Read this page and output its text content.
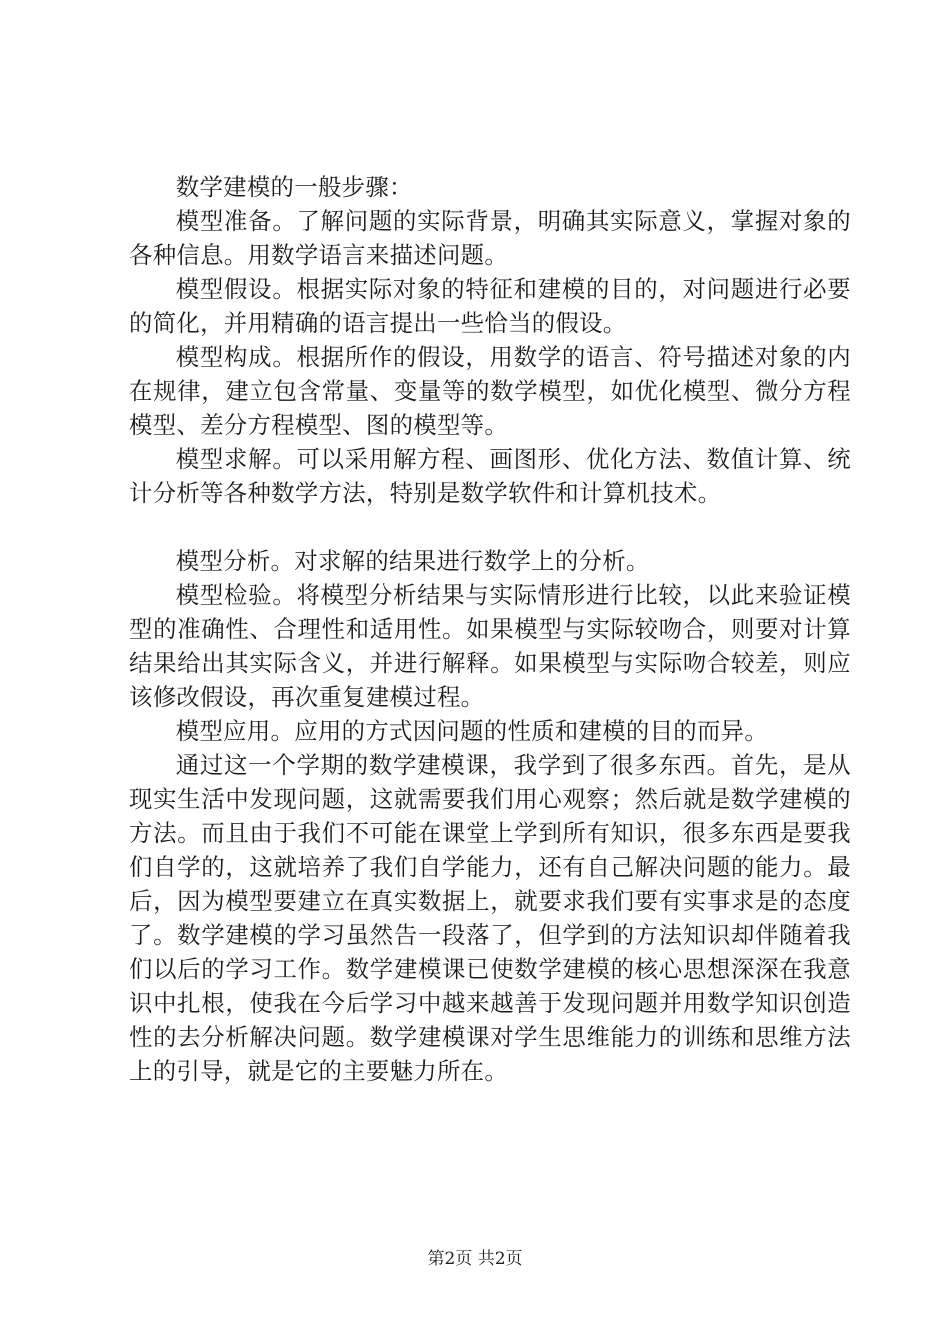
数学建模的一般步骤：

模型准备。了解问题的实际背景，明确其实际意义，掌握对象的各种信息。用数学语言来描述问题。

模型假设。根据实际对象的特征和建模的目的，对问题进行必要的简化，并用精确的语言提出一些恰当的假设。

模型构成。根据所作的假设，用数学的语言、符号描述对象的内在规律，建立包含常量、变量等的数学模型，如优化模型、微分方程模型、差分方程模型、图的模型等。

模型求解。可以采用解方程、画图形、优化方法、数值计算、统计分析等各种数学方法，特别是数学软件和计算机技术。

模型分析。对求解的结果进行数学上的分析。

模型检验。将模型分析结果与实际情形进行比较，以此来验证模型的准确性、合理性和适用性。如果模型与实际较吻合，则要对计算结果给出其实际含义，并进行解释。如果模型与实际吻合较差，则应该修改假设，再次重复建模过程。

模型应用。应用的方式因问题的性质和建模的目的而异。

通过这一个学期的数学建模课，我学到了很多东西。首先，是从现实生活中发现问题，这就需要我们用心观察；然后就是数学建模的方法。而且由于我们不可能在课堂上学到所有知识，很多东西是要我们自学的，这就培养了我们自学能力，还有自己解决问题的能力。最后，因为模型要建立在真实数据上，就要求我们要有实事求是的态度了。数学建模的学习虽然告一段落了，但学到的方法知识却伴随着我们以后的学习工作。数学建模课已使数学建模的核心思想深深在我意识中扎根，使我在今后学习中越来越善于发现问题并用数学知识创造性的去分析解决问题。数学建模课对学生思维能力的训练和思维方法上的引导，就是它的主要魅力所在。

第2页 共2页
